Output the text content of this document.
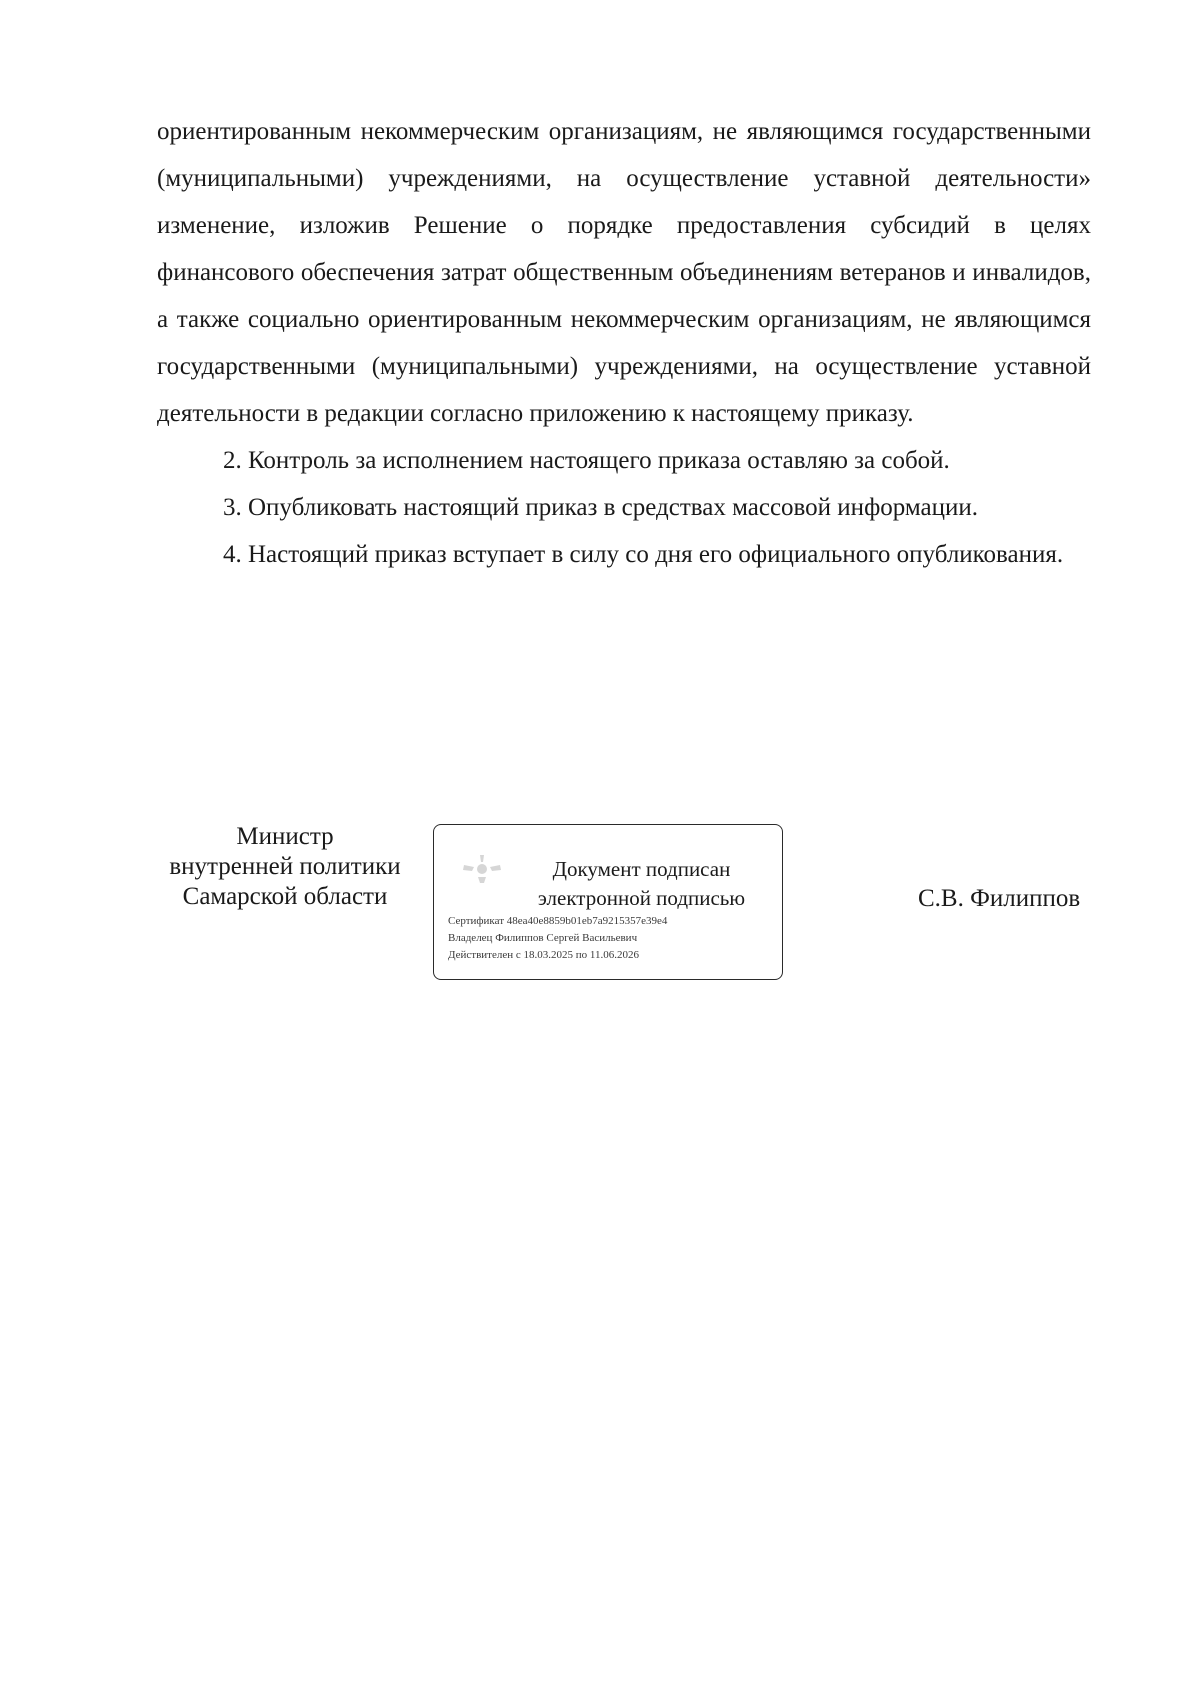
ориентированным некоммерческим организациям, не являющимся государственными (муниципальными) учреждениями, на осуществление уставной деятельности» изменение, изложив Решение о порядке предоставления субсидий в целях финансового обеспечения затрат общественным объединениям ветеранов и инвалидов, а также социально ориентированным некоммерческим организациям, не являющимся государственными (муниципальными) учреждениями, на осуществление уставной деятельности в редакции согласно приложению к настоящему приказу.

2. Контроль за исполнением настоящего приказа оставляю за собой.

3. Опубликовать настоящий приказ в средствах массовой информации.

4. Настоящий приказ вступает в силу со дня его официального опубликования.

Министр
внутренней политики
Самарской области
Документ подписан
электронной подписью
Сертификат 48ea40e8859b01eb7a9215357e39e4
Владелец Филиппов Сергей Васильевич
Действителен с 18.03.2025 по 11.06.2026
С.В. Филиппов
